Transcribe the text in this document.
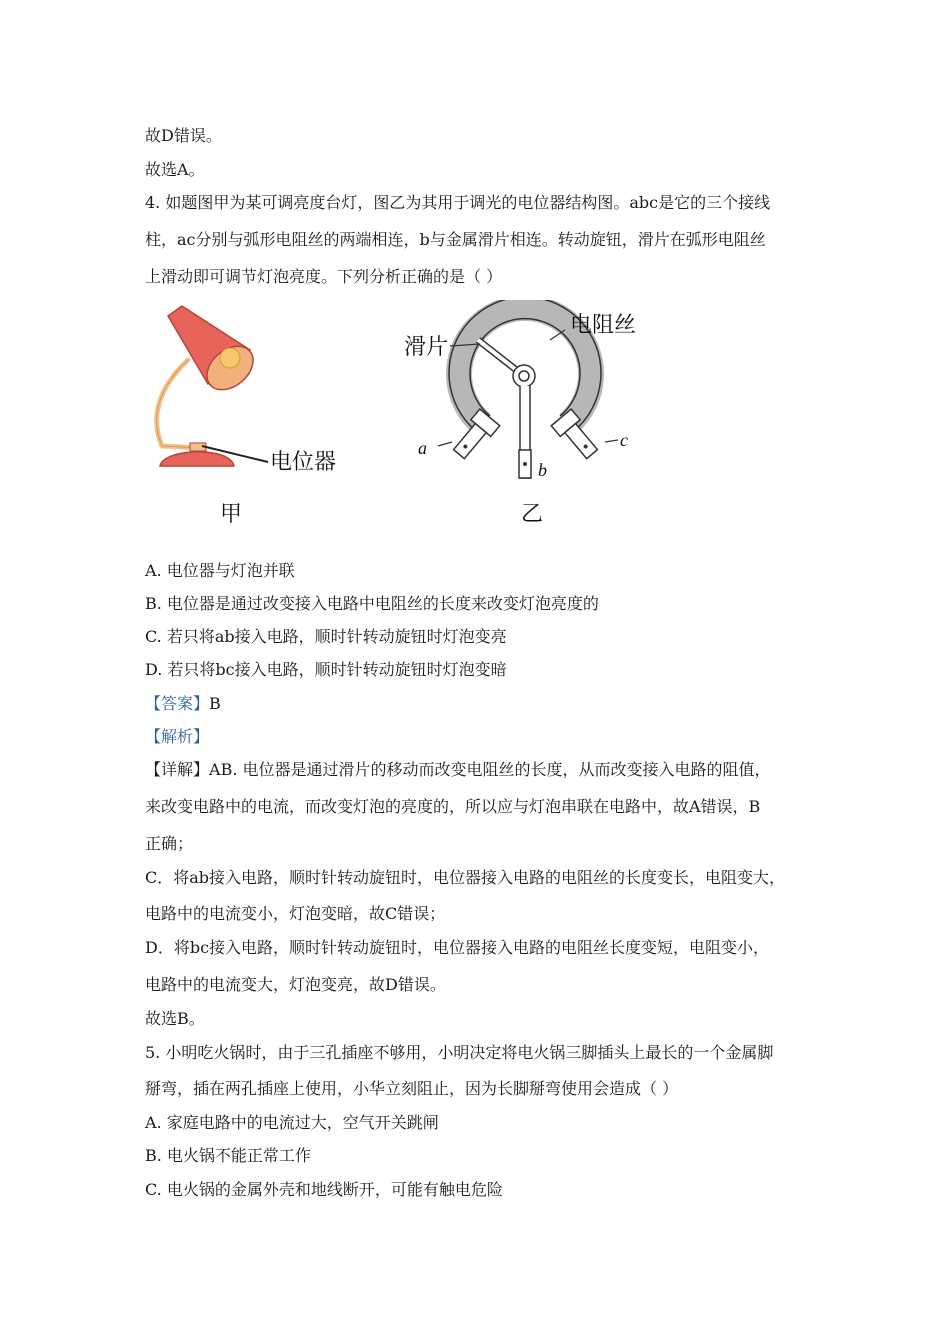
故D错误。
故选A。
4. 如题图甲为某可调亮度台灯，图乙为其用于调光的电位器结构图。abc是它的三个接线
柱，ac分别与弧形电阻丝的两端相连，b与金属滑片相连。转动旋钮，滑片在弧形电阻丝
上滑动即可调节灯泡亮度。下列分析正确的是（ ）
电位器
甲
滑片
电阻丝
a
b
c
乙
A. 电位器与灯泡并联
B. 电位器是通过改变接入电路中电阻丝的长度来改变灯泡亮度的
C. 若只将ab接入电路，顺时针转动旋钮时灯泡变亮
D. 若只将bc接入电路，顺时针转动旋钮时灯泡变暗
【答案】B
【解析】
【详解】AB. 电位器是通过滑片的移动而改变电阻丝的长度，从而改变接入电路的阻值，
来改变电路中的电流，而改变灯泡的亮度的，所以应与灯泡串联在电路中，故A错误，B
正确；
C．将ab接入电路，顺时针转动旋钮时，电位器接入电路的电阻丝的长度变长，电阻变大，
电路中的电流变小，灯泡变暗，故C错误；
D．将bc接入电路，顺时针转动旋钮时，电位器接入电路的电阻丝长度变短，电阻变小，
电路中的电流变大，灯泡变亮，故D错误。
故选B。
5. 小明吃火锅时，由于三孔插座不够用，小明决定将电火锅三脚插头上最长的一个金属脚
掰弯，插在两孔插座上使用，小华立刻阻止，因为长脚掰弯使用会造成（ ）
A. 家庭电路中的电流过大，空气开关跳闸
B. 电火锅不能正常工作
C. 电火锅的金属外壳和地线断开，可能有触电危险
